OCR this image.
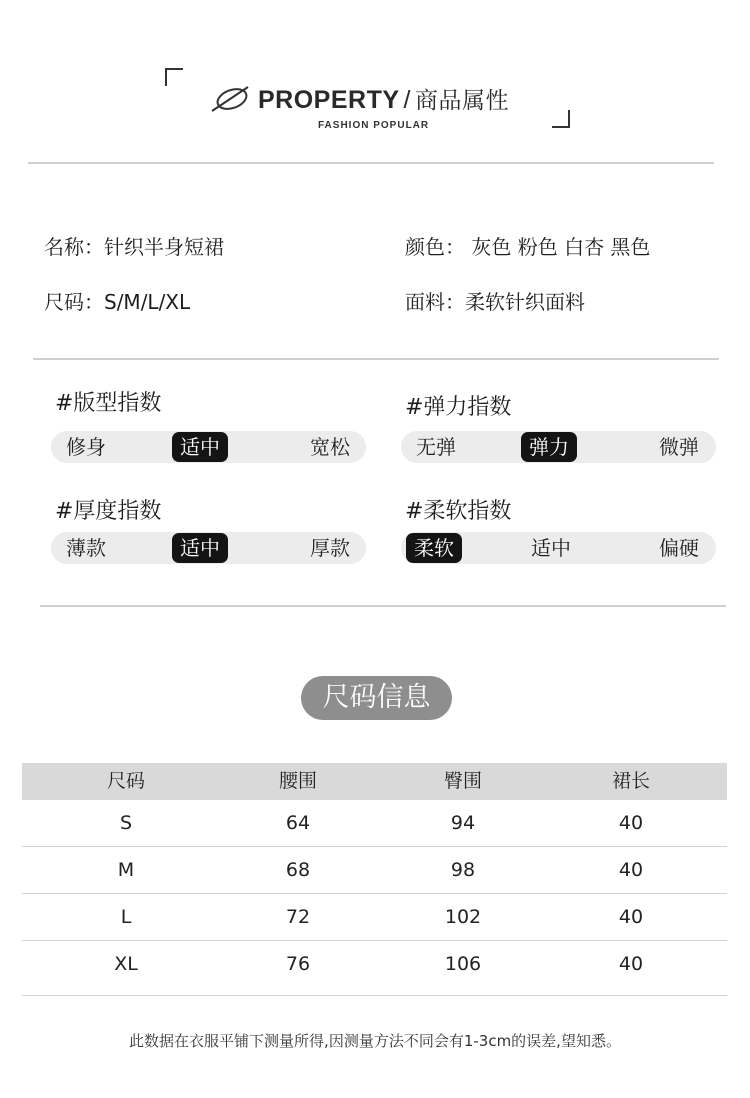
PROPERTY / 商品属性
FASHION POPULAR
名称：针织半身短裙	颜色： 灰色 粉色 白杏 黑色
尺码：S/M/L/XL	面料：柔软针织面料
#版型指数
修身	适中	宽松
#弹力指数
无弹	弹力	微弹
#厚度指数
薄款	适中	厚款
#柔软指数
柔软	适中	偏硬
尺码信息
尺码	腰围	臀围	裙长
S	64	94	40
M	68	98	40
L	72	102	40
XL	76	106	40
此数据在衣服平铺下测量所得,因测量方法不同会有1-3cm的误差,望知悉。
